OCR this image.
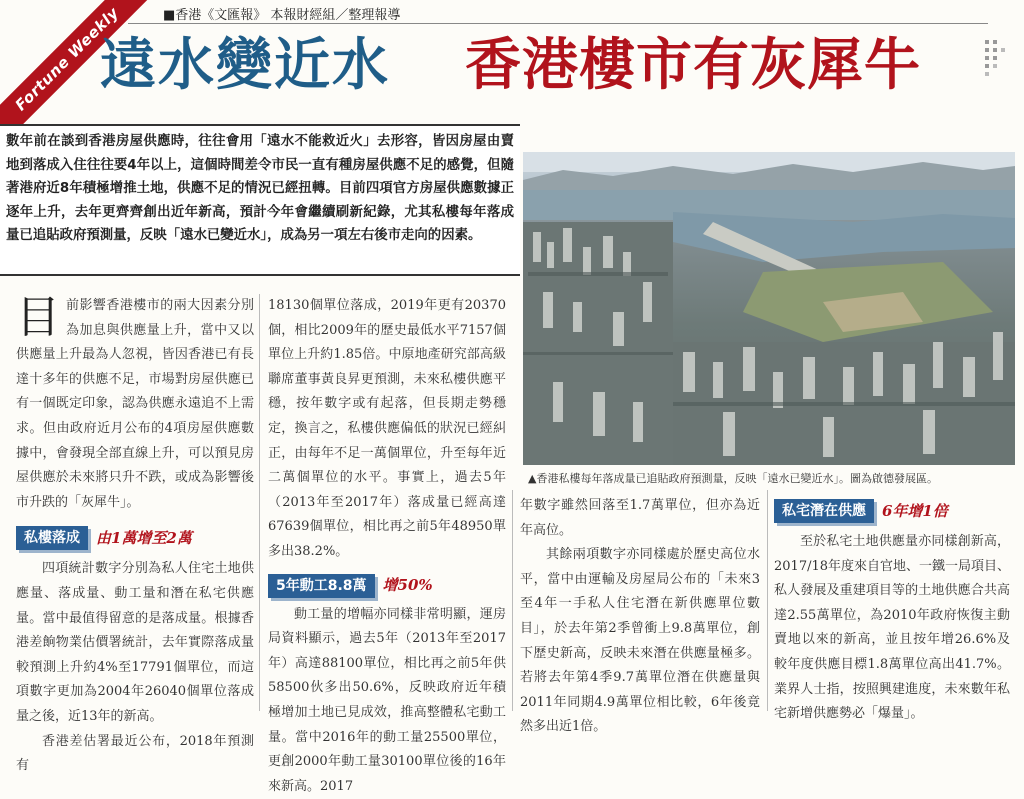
Fortune Weekly	■香港《文匯報》 本報財經組／整理報導
遠水變近水 香港樓市有灰犀牛

數年前在談到香港房屋供應時，往往會用「遠水不能救近火」去形容，皆因房屋由賣地到落成入住往往要4年以上，這個時間差令市民一直有種房屋供應不足的感覺，但隨著港府近8年積極增推土地，供應不足的情況已經扭轉。目前四項官方房屋供應數據正逐年上升，去年更齊齊創出近年新高，預計今年會繼續刷新紀錄，尤其私樓每年落成量已追貼政府預測量，反映「遠水已變近水」，成為另一項左右後市走向的因素。

▲香港私樓每年落成量已追貼政府預測量，反映「遠水已變近水」。圖為啟德發展區。

目前影響香港樓市的兩大因素分別為加息與供應量上升，當中又以供應量上升最為人忽視，皆因香港已有長達十多年的供應不足，市場對房屋供應已有一個既定印象，認為供應永遠追不上需求。但由政府近月公布的4項房屋供應數據中，會發現全部直線上升，可以預見房屋供應於未來將只升不跌，或成為影響後市升跌的「灰犀牛」。

私樓落成	由1萬增至2萬

四項統計數字分別為私人住宅土地供應量、落成量、動工量和潛在私宅供應量。當中最值得留意的是落成量。根據香港差餉物業估價署統計，去年實際落成量較預測上升約4%至17791個單位，而這項數字更加為2004年26040個單位落成量之後，近13年的新高。

香港差估署最近公布，2018年預測有

18130個單位落成，2019年更有20370個，相比2009年的歷史最低水平7157個單位上升約1.85倍。中原地產研究部高級聯席董事黃良昇更預測，未來私樓供應平穩，按年數字或有起落，但長期走勢穩定，換言之，私樓供應偏低的狀況已經糾正，由每年不足一萬個單位，升至每年近二萬個單位的水平。事實上，過去5年（2013年至2017年）落成量已經高達67639個單位，相比再之前5年48950單多出38.2%。

5年動工8.8萬	增50%

動工量的增幅亦同樣非常明顯，運房局資料顯示，過去5年（2013年至2017年）高達88100單位，相比再之前5年供58500伙多出50.6%，反映政府近年積極增加土地已見成效，推高整體私宅動工量。當中2016年的動工量25500單位，更創2000年動工量30100單位後的16年來新高。2017

年數字雖然回落至1.7萬單位，但亦為近年高位。

其餘兩項數字亦同樣處於歷史高位水平，當中由運輸及房屋局公布的「未來3至4年一手私人住宅潛在新供應單位數目」，於去年第2季曾衝上9.8萬單位，創下歷史新高，反映未來潛在供應量極多。若將去年第4季9.7萬單位潛在供應量與2011年同期4.9萬單位相比較，6年後竟然多出近1倍。

私宅潛在供應	6年增1倍

至於私宅土地供應量亦同樣創新高，2017/18年度來自官地、一鐵一局項目、私人發展及重建項目等的土地供應合共高達2.55萬單位，為2010年政府恢復主動賣地以來的新高，並且按年增26.6%及較年度供應目標1.8萬單位高出41.7%。業界人士指，按照興建進度，未來數年私宅新增供應勢必「爆量」。
